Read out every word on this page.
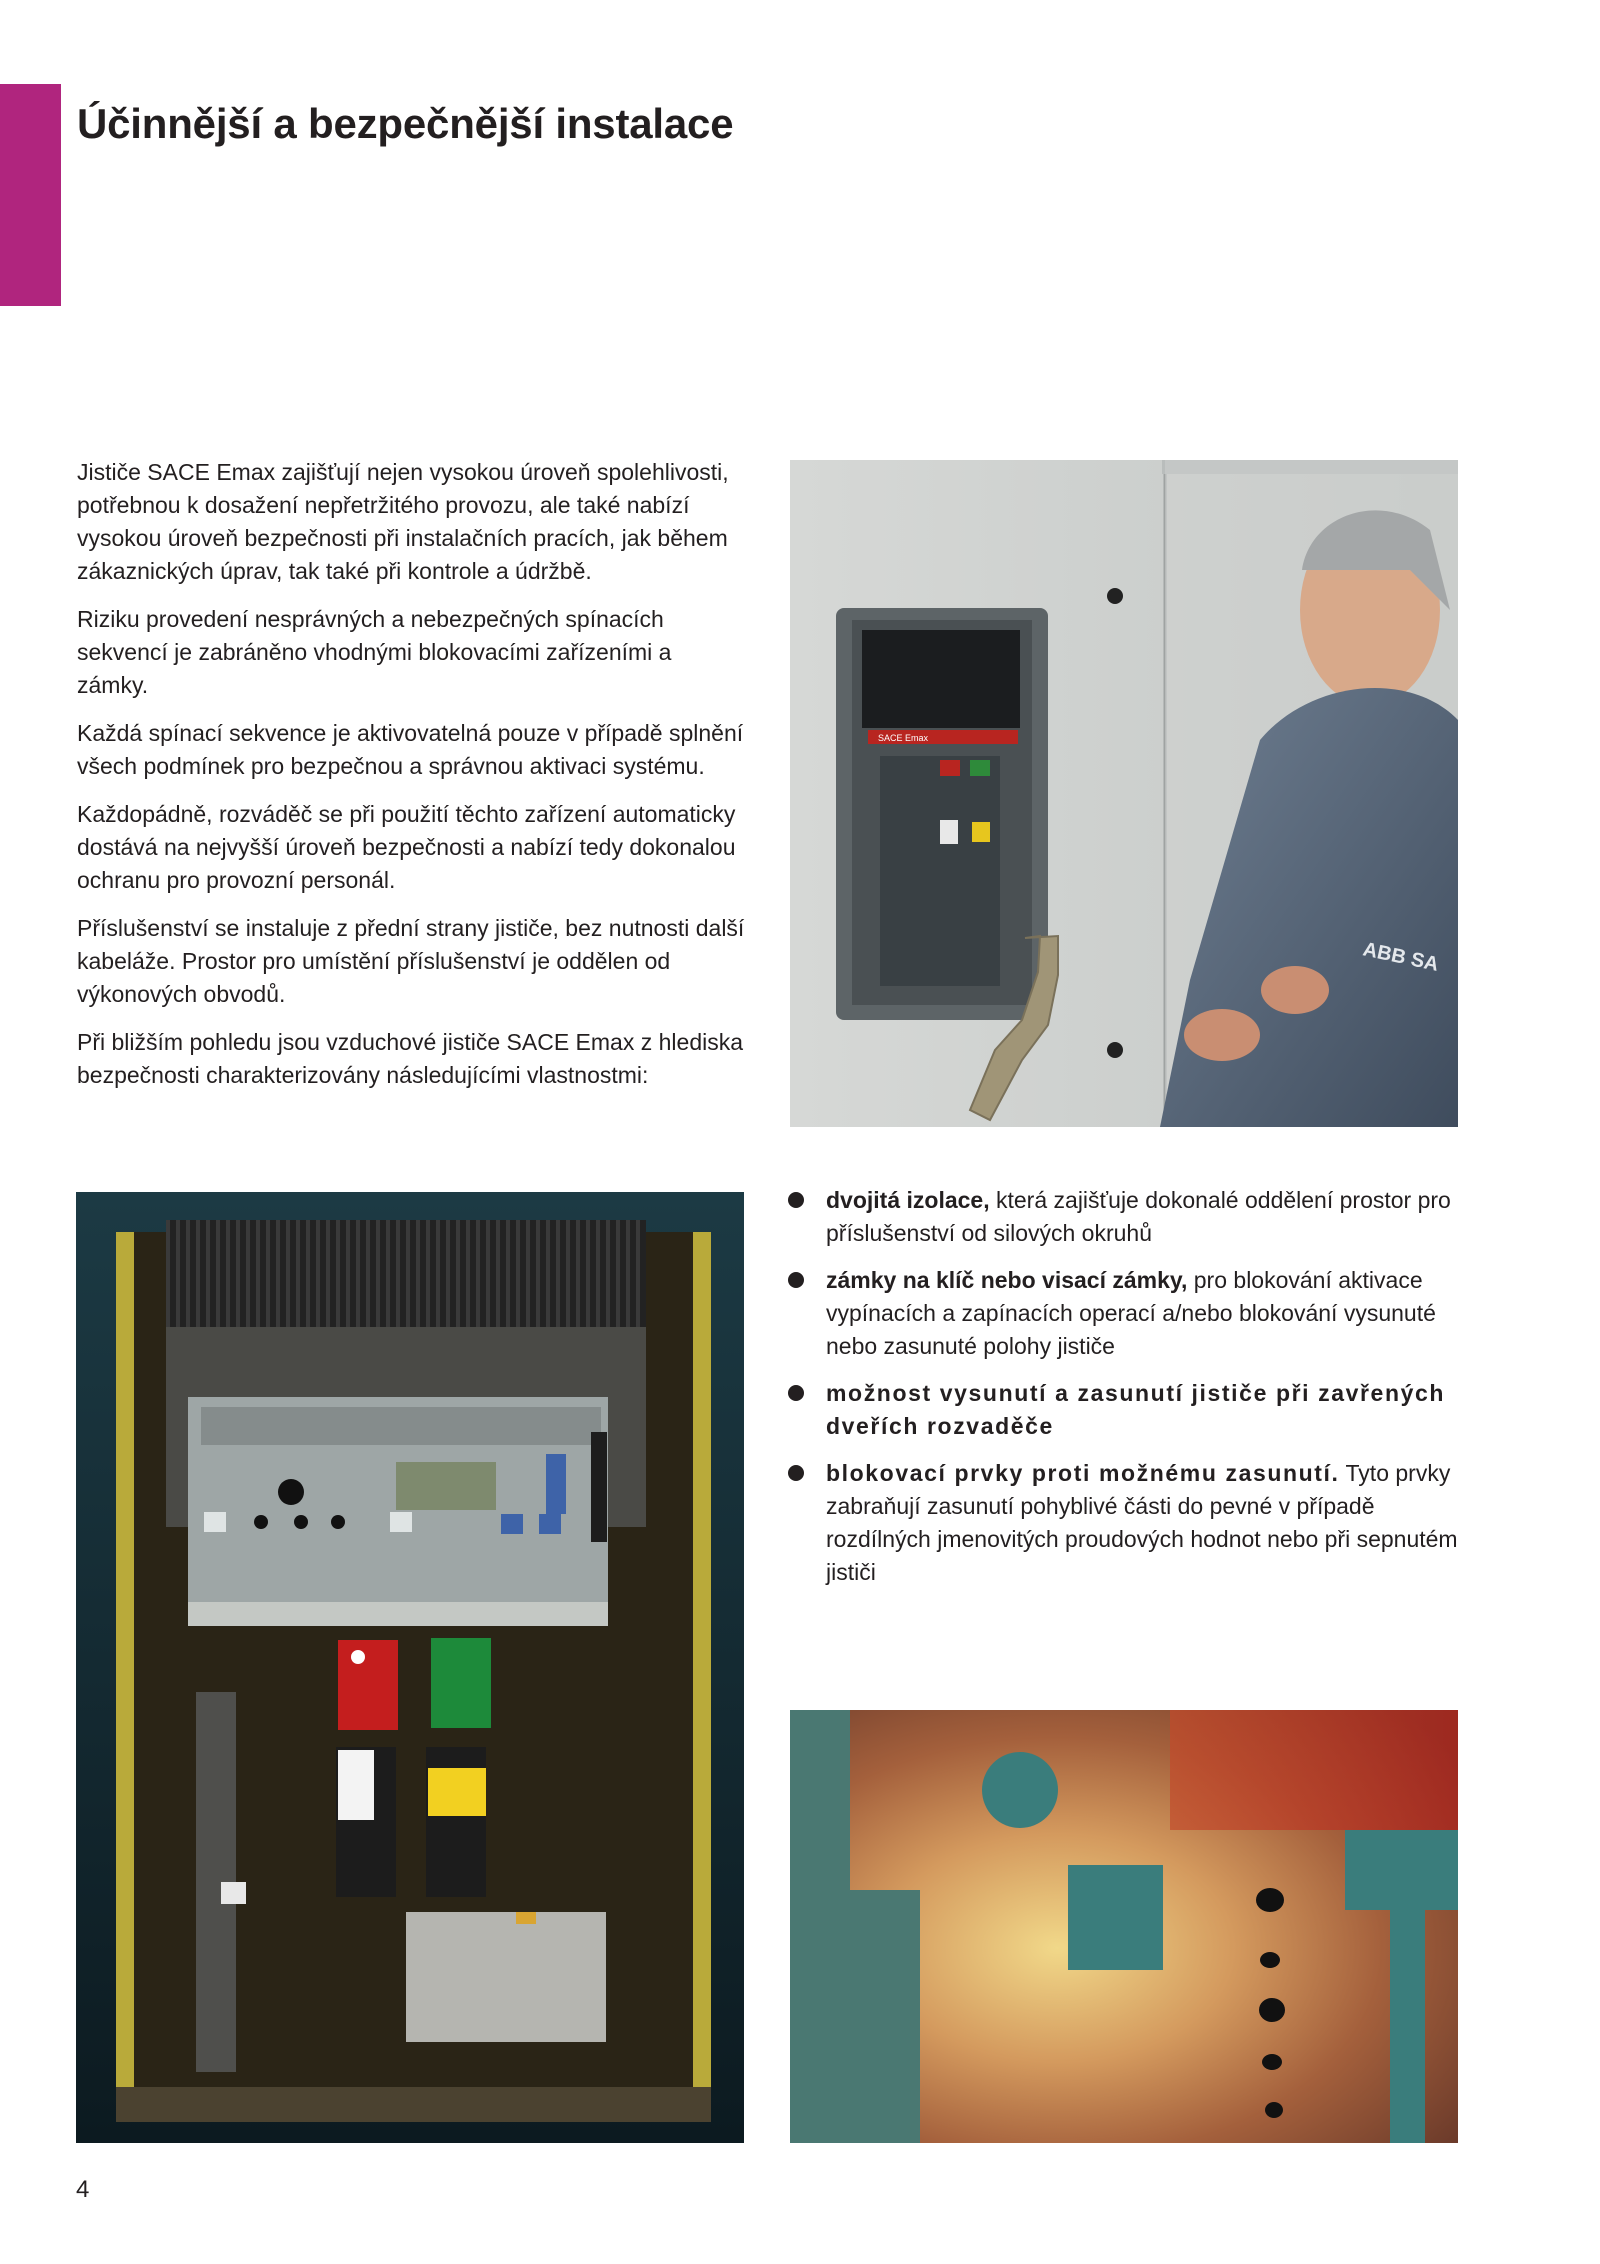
Účinnější a bezpečnější instalace

Jističe SACE Emax zajišťují nejen vysokou úroveň spolehlivosti, potřebnou k dosažení nepřetržitého provozu, ale také nabízí vysokou úroveň bezpečnosti při instalačních pracích, jak během zákaznických úprav, tak také při kontrole a údržbě.

Riziku provedení nesprávných a nebezpečných spínacích sekvencí je zabráněno vhodnými blokovacími zařízeními a zámky.

Každá spínací sekvence je aktivovatelná pouze v případě splnění všech podmínek pro bezpečnou a správnou aktivaci systému.

Každopádně, rozváděč se při použití těchto zařízení automaticky dostává na nejvyšší úroveň bezpečnosti a nabízí tedy dokonalou ochranu pro provozní personál.

Příslušenství se instaluje z přední strany jističe, bez nutnosti další kabeláže. Prostor pro umístění příslušenství je oddělen od výkonových obvodů.

Při bližším pohledu jsou vzduchové jističe SACE Emax z hlediska bezpečnosti charakterizovány následujícími vlastnostmi:

SACE Emax
ABB SA
dvojitá izolace, která zajišťuje dokonalé oddělení prostor pro příslušenství od silových okruhů
zámky na klíč nebo visací zámky, pro blokování aktivace vypínacích a zapínacích operací a/nebo blokování vysunuté nebo zasunuté polohy jističe
možnost vysunutí a zasunutí jističe při zavřených dveřích rozvaděče
blokovací prvky proti možnému zasunutí. Tyto prvky zabraňují zasunutí pohyblivé části do pevné v případě rozdílných jmenovitých proudových hodnot nebo při sepnutém jističi
4
